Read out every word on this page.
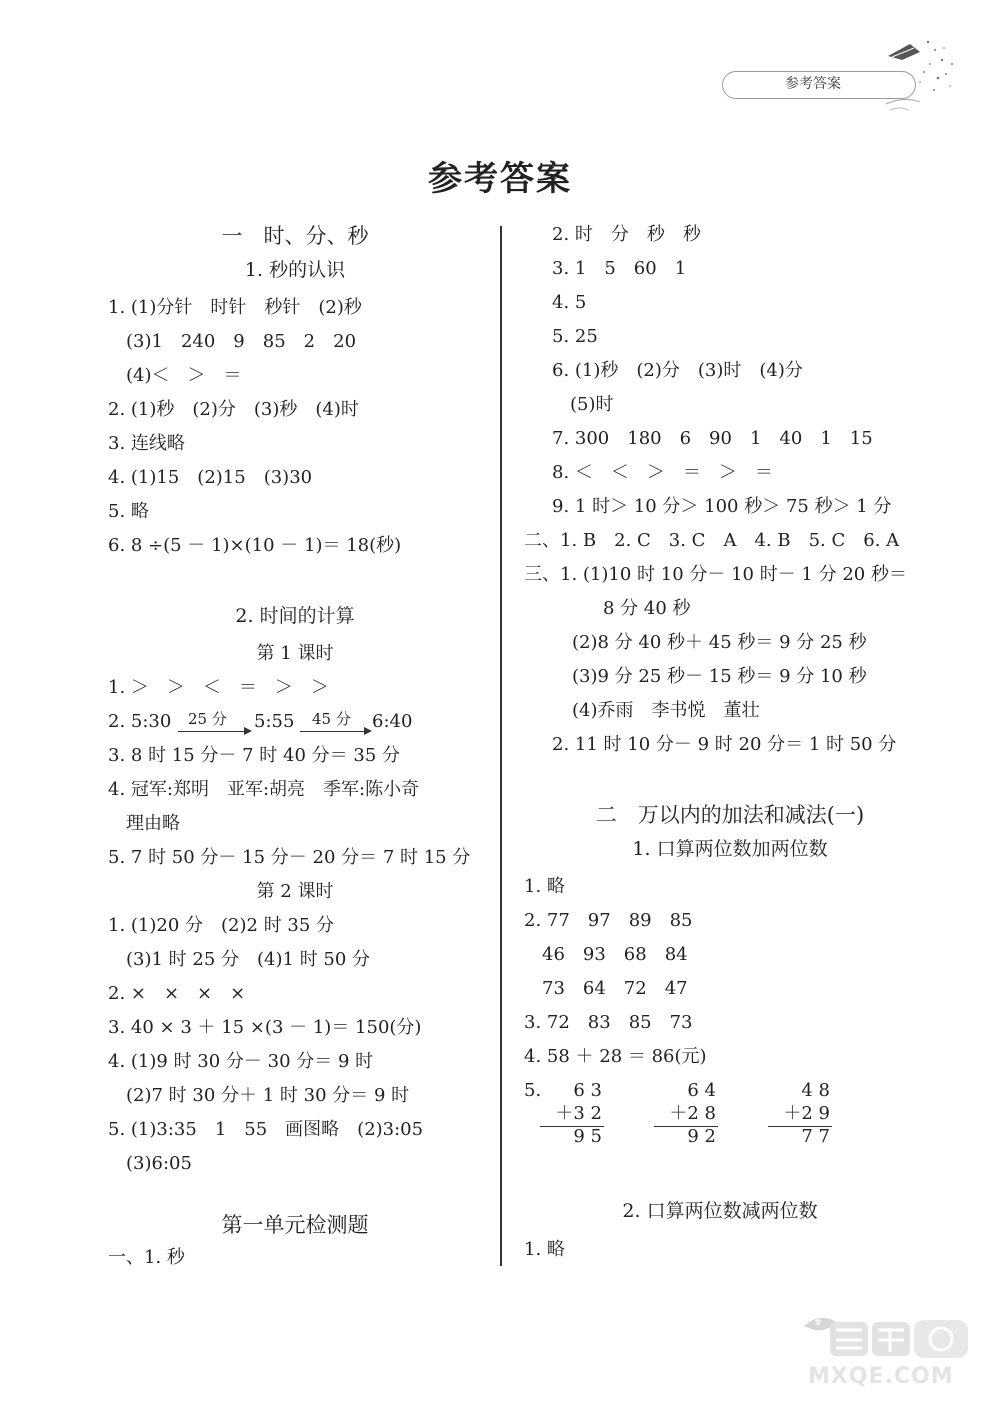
参考答案
参考答案
一　时、分、秒
1. 秒的认识
1. (1)分针　时针　秒针　(2)秒
　(3)1　240　9　85　2　20
　(4)＜　＞　＝
2. (1)秒　(2)分　(3)秒　(4)时
3. 连线略
4. (1)15　(2)15　(3)30
5. 略
6. 8 ÷(5 － 1)×(10 － 1)＝ 18(秒)
2. 时间的计算
第 1 课时
1. ＞　＞　＜　＝　＞　＞
2. 5:30 25 分 5:55 45 分 6:40
3. 8 时 15 分－ 7 时 40 分＝ 35 分
4. 冠军:郑明　亚军:胡亮　季军:陈小奇
　理由略
5. 7 时 50 分－ 15 分－ 20 分＝ 7 时 15 分
第 2 课时
1. (1)20 分　(2)2 时 35 分
　(3)1 时 25 分　(4)1 时 50 分
2. ×　×　×　×
3. 40 × 3 ＋ 15 ×(3 － 1)＝ 150(分)
4. (1)9 时 30 分－ 30 分＝ 9 时
　(2)7 时 30 分＋ 1 时 30 分＝ 9 时
5. (1)3:35　1　55　画图略　(2)3:05
　(3)6:05
第一单元检测题
一、1. 秒
2. 时　分　秒　秒
3. 1　5　60　1
4. 5
5. 25
6. (1)秒　(2)分　(3)时　(4)分
　(5)时
7. 300　180　6　90　1　40　1　15
8. ＜　＜　＞　＝　＞　＝
9. 1 时＞ 10 分＞ 100 秒＞ 75 秒＞ 1 分
二、1. B　2. C　3. C　A　4. B　5. C　6. A
三、1. (1)10 时 10 分－ 10 时－ 1 分 20 秒＝
8 分 40 秒
(2)8 分 40 秒＋ 45 秒＝ 9 分 25 秒
(3)9 分 25 秒－ 15 秒＝ 9 分 10 秒
(4)乔雨　李书悦　董壮
2. 11 时 10 分－ 9 时 20 分＝ 1 时 50 分
二　万以内的加法和减法(一)
1. 口算两位数加两位数
1. 略
2. 77　97　89　85
　46　93　68　84
　73　64　72　47
3. 72　83　85　73
4. 58 ＋ 28 ＝ 86(元)
5.

6 3

＋3 2

9 5

6 4

＋2 8

9 2

4 8

＋2 9

7 7

2. 口算两位数减两位数
1. 略
MXQE.COM
